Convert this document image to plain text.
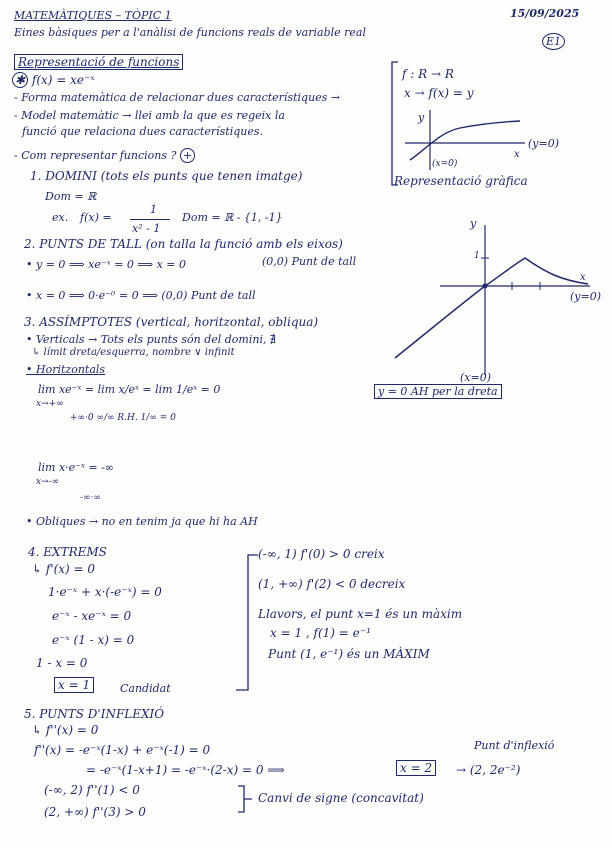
MATEMÀTIQUES – TÒPIC 1	15/09/2025
Eines bàsiques per a l'anàlisi de funcions reals de variable real
E1
Representació de funcions
✱ f(x) = xe⁻ˣ
- Forma matemàtica de relacionar dues característiques →
- Model matemàtic → llei amb la que es regeix la
funció que relaciona dues característiques.
- Com representar funcions ? +
f : R → R
x → f(x) = y
y
x
(x=0)
(y=0)
Representació gràfica
1. DOMINI (tots els punts que tenen imatge)
Dom = ℝ
ex. f(x) =
1
x² - 1
Dom = ℝ - {1, -1}
2. PUNTS DE TALL (on talla la funció amb els eixos)
• y = 0 ⟹ xe⁻ˣ = 0 ⟹ x = 0	(0,0) Punt de tall
• x = 0 ⟹ 0·e⁻⁰ = 0 ⟹ (0,0) Punt de tall
y
1
x
(y=0)
(x=0)
3. ASSÍMPTOTES (vertical, horitzontal, obliqua)
• Verticals → Tots els punts són del domini, ∄
↳ límit dreta/esquerra, nombre ∨ infinit
• Horitzontals
lim xe⁻ˣ = lim x/eˣ = lim 1/eˣ = 0
x→+∞
+∞·0 ∞/∞ R.H. 1/∞ = 0
y = 0 AH per la dreta
lim x·e⁻ˣ = -∞
x→-∞
-∞·∞
• Obliques → no en tenim ja que hi ha AH
4. EXTREMS
↳ f'(x) = 0
1·e⁻ˣ + x·(-e⁻ˣ) = 0
e⁻ˣ - xe⁻ˣ = 0
e⁻ˣ (1 - x) = 0
1 - x = 0
x = 1	Candidat
(-∞, 1) f'(0) > 0 creix
(1, +∞) f'(2) < 0 decreix
Llavors, el punt x=1 és un màxim
x = 1 , f(1) = e⁻¹
Punt (1, e⁻¹) és un MÀXIM
5. PUNTS D'INFLEXIÓ
↳ f''(x) = 0
f''(x) = -e⁻ˣ(1-x) + e⁻ˣ(-1) = 0
= -e⁻ˣ(1-x+1) = -e⁻ˣ·(2-x) = 0 ⟹	x = 2	→ (2, 2e⁻²)
Punt d'inflexió
(-∞, 2) f''(1) < 0
(2, +∞) f''(3) > 0
Canvi de signe (concavitat)
